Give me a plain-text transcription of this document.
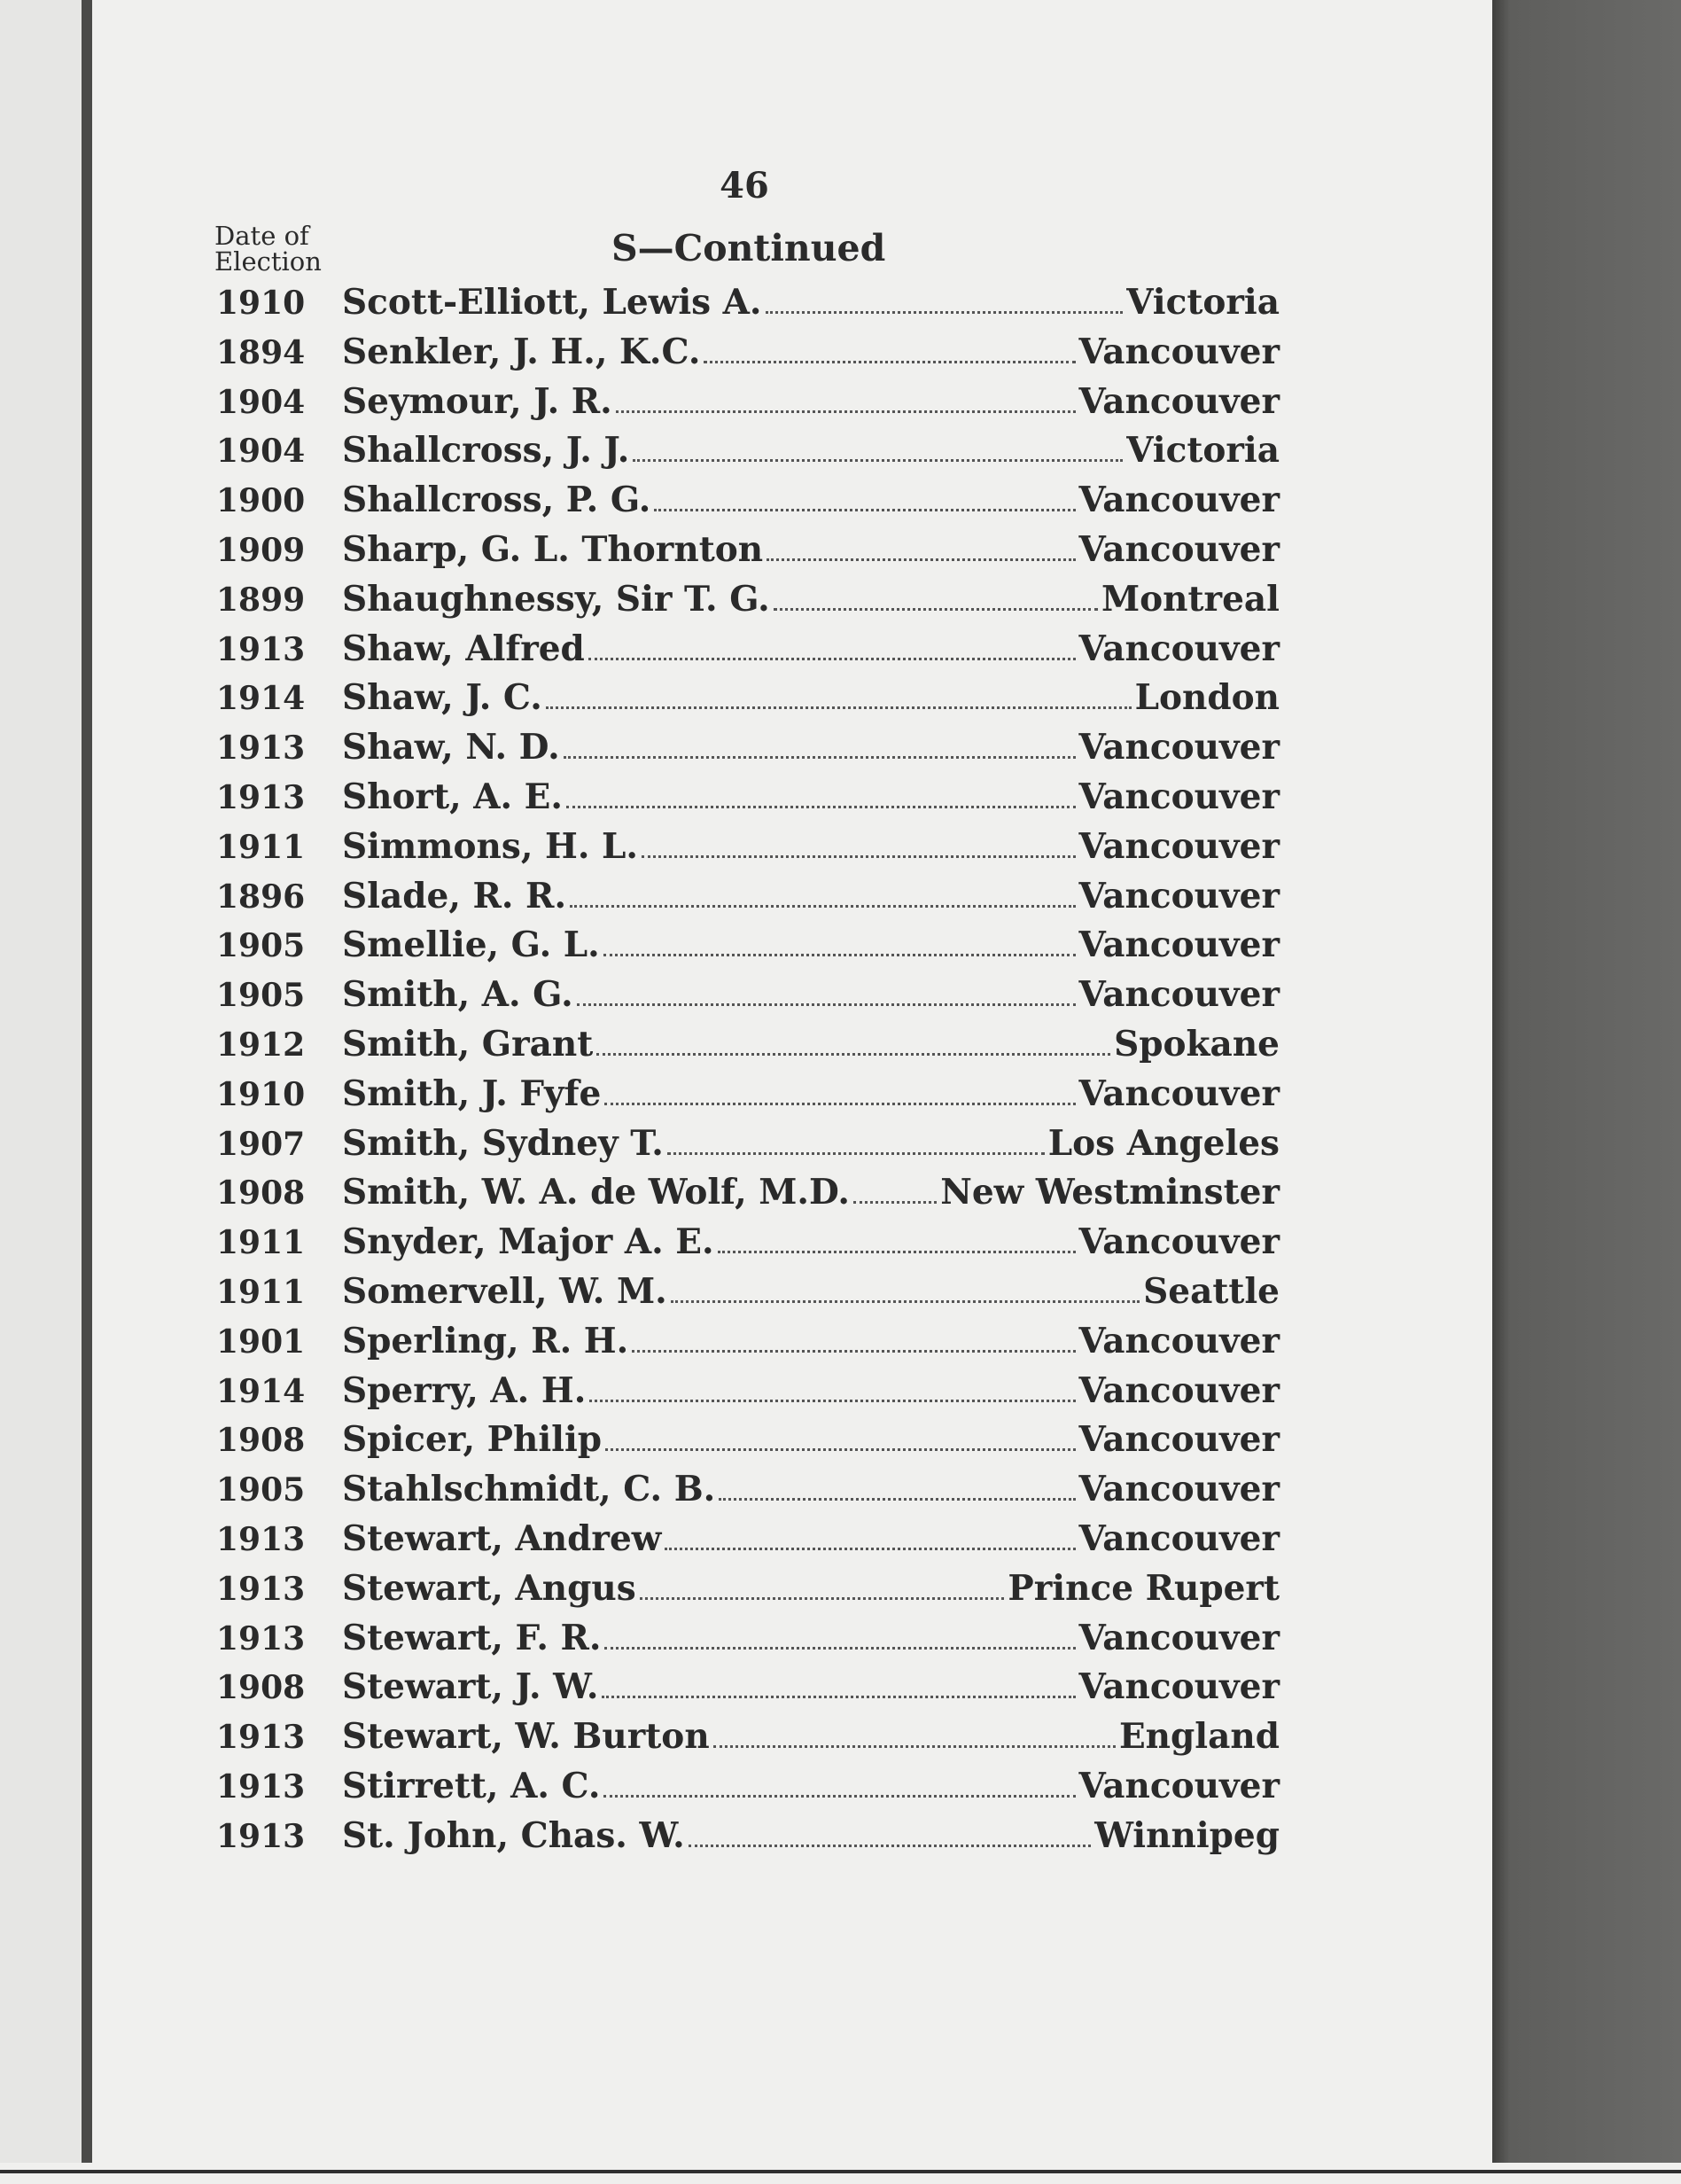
46
Date of
Election	S—Continued
1910	Scott-Elliott, Lewis A.	Victoria
1894	Senkler, J. H., K.C.	Vancouver
1904	Seymour, J. R.	Vancouver
1904	Shallcross, J. J.	Victoria
1900	Shallcross, P. G.	Vancouver
1909	Sharp, G. L. Thornton	Vancouver
1899	Shaughnessy, Sir T. G.	Montreal
1913	Shaw, Alfred	Vancouver
1914	Shaw, J. C.	London
1913	Shaw, N. D.	Vancouver
1913	Short, A. E.	Vancouver
1911	Simmons, H. L.	Vancouver
1896	Slade, R. R.	Vancouver
1905	Smellie, G. L.	Vancouver
1905	Smith, A. G.	Vancouver
1912	Smith, Grant	Spokane
1910	Smith, J. Fyfe	Vancouver
1907	Smith, Sydney T.	Los Angeles
1908	Smith, W. A. de Wolf, M.D.	New Westminster
1911	Snyder, Major A. E.	Vancouver
1911	Somervell, W. M.	Seattle
1901	Sperling, R. H.	Vancouver
1914	Sperry, A. H.	Vancouver
1908	Spicer, Philip	Vancouver
1905	Stahlschmidt, C. B.	Vancouver
1913	Stewart, Andrew	Vancouver
1913	Stewart, Angus	Prince Rupert
1913	Stewart, F. R.	Vancouver
1908	Stewart, J. W.	Vancouver
1913	Stewart, W. Burton	England
1913	Stirrett, A. C.	Vancouver
1913	St. John, Chas. W.	Winnipeg
